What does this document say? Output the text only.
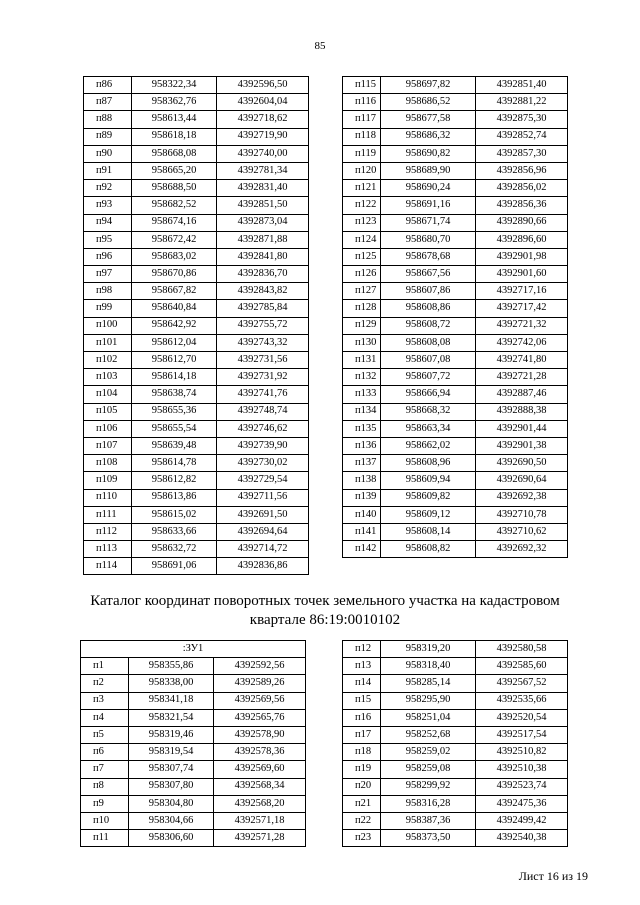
85
п86	958322,34	4392596,50
п87	958362,76	4392604,04
п88	958613,44	4392718,62
п89	958618,18	4392719,90
п90	958668,08	4392740,00
п91	958665,20	4392781,34
п92	958688,50	4392831,40
п93	958682,52	4392851,50
п94	958674,16	4392873,04
п95	958672,42	4392871,88
п96	958683,02	4392841,80
п97	958670,86	4392836,70
п98	958667,82	4392843,82
п99	958640,84	4392785,84
п100	958642,92	4392755,72
п101	958612,04	4392743,32
п102	958612,70	4392731,56
п103	958614,18	4392731,92
п104	958638,74	4392741,76
п105	958655,36	4392748,74
п106	958655,54	4392746,62
п107	958639,48	4392739,90
п108	958614,78	4392730,02
п109	958612,82	4392729,54
п110	958613,86	4392711,56
п111	958615,02	4392691,50
п112	958633,66	4392694,64
п113	958632,72	4392714,72
п114	958691,06	4392836,86
п115	958697,82	4392851,40
п116	958686,52	4392881,22
п117	958677,58	4392875,30
п118	958686,32	4392852,74
п119	958690,82	4392857,30
п120	958689,90	4392856,96
п121	958690,24	4392856,02
п122	958691,16	4392856,36
п123	958671,74	4392890,66
п124	958680,70	4392896,60
п125	958678,68	4392901,98
п126	958667,56	4392901,60
п127	958607,86	4392717,16
п128	958608,86	4392717,42
п129	958608,72	4392721,32
п130	958608,08	4392742,06
п131	958607,08	4392741,80
п132	958607,72	4392721,28
п133	958666,94	4392887,46
п134	958668,32	4392888,38
п135	958663,34	4392901,44
п136	958662,02	4392901,38
п137	958608,96	4392690,50
п138	958609,94	4392690,64
п139	958609,82	4392692,38
п140	958609,12	4392710,78
п141	958608,14	4392710,62
п142	958608,82	4392692,32
Каталог координат поворотных точек земельного участка на кадастровом
квартале 86:19:0010102
:ЗУ1		
п1	958355,86	4392592,56
п2	958338,00	4392589,26
п3	958341,18	4392569,56
п4	958321,54	4392565,76
п5	958319,46	4392578,90
п6	958319,54	4392578,36
п7	958307,74	4392569,60
п8	958307,80	4392568,34
п9	958304,80	4392568,20
п10	958304,66	4392571,18
п11	958306,60	4392571,28
п12	958319,20	4392580,58
п13	958318,40	4392585,60
п14	958285,14	4392567,52
п15	958295,90	4392535,66
п16	958251,04	4392520,54
п17	958252,68	4392517,54
п18	958259,02	4392510,82
п19	958259,08	4392510,38
п20	958299,92	4392523,74
п21	958316,28	4392475,36
п22	958387,36	4392499,42
п23	958373,50	4392540,38
Лист 16 из 19
